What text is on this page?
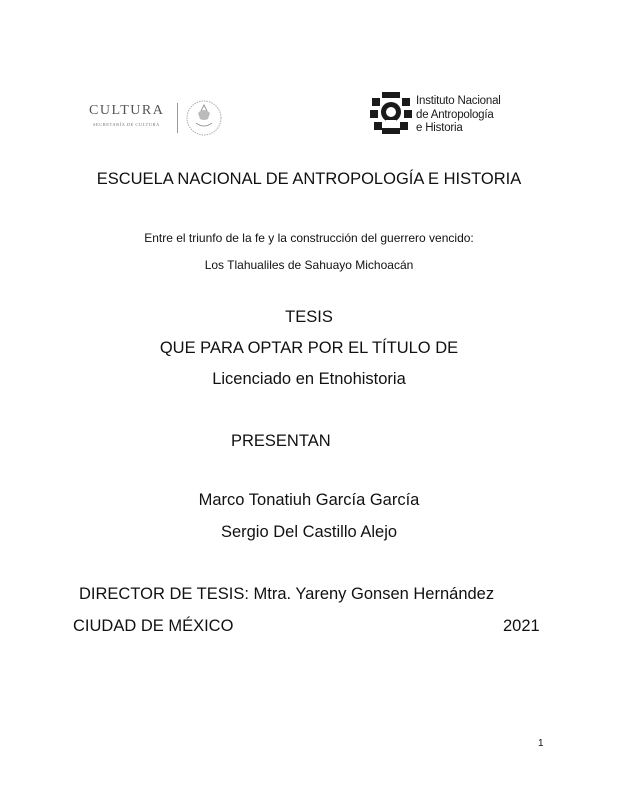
CULTURA
SECRETARÍA DE CULTURA
Instituto Nacional
de Antropología
e Historia
ESCUELA NACIONAL DE ANTROPOLOGÍA E HISTORIA
Entre el triunfo de la fe y la construcción del guerrero vencido:
Los Tlahualiles de Sahuayo Michoacán
TESIS
QUE PARA OPTAR POR EL TÍTULO DE
Licenciado en Etnohistoria
PRESENTAN
Marco Tonatiuh García García
Sergio Del Castillo Alejo
DIRECTOR DE TESIS: Mtra. Yareny Gonsen Hernández
CIUDAD DE MÉXICO	2021
1
